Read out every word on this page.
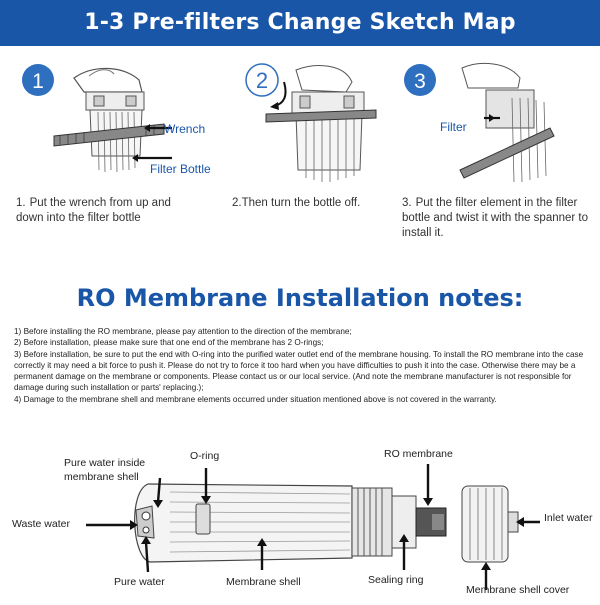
1-3 Pre-filters Change Sketch Map
1
Wrench
Filter Bottle
1. Put the wrench from up and down into the filter bottle
2
2.Then turn the bottle off.
3
Filter
3. Put the filter element in the filter bottle and twist it with the spanner to install it.
RO Membrane Installation notes:

1) Before installing the RO membrane, please pay attention to the direction of the membrane;

2) Before installation, please make sure that one end of the membrane has 2 O-rings;

3) Before installation, be sure to put the end with O-ring into the purified water outlet end of the membrane housing. To install the RO membrane into the case correctly it may need a bit force to push it. Please do not try to force it too hard when you have difficulties to push it into the case. Otherwise there may be a permanent damage on the membrane or components. Please contact us or our local service. (And note the membrane manufacturer is not responsible for damage during such installation or parts' replacing.);

4) Damage to the membrane shell and membrane elements occurred under situation mentioned above is not covered in the warranty.

Pure water inside membrane shell
O-ring	RO membrane
Waste water	Inlet water
Pure water	Membrane shell	Sealing ring
Membrane shell cover
